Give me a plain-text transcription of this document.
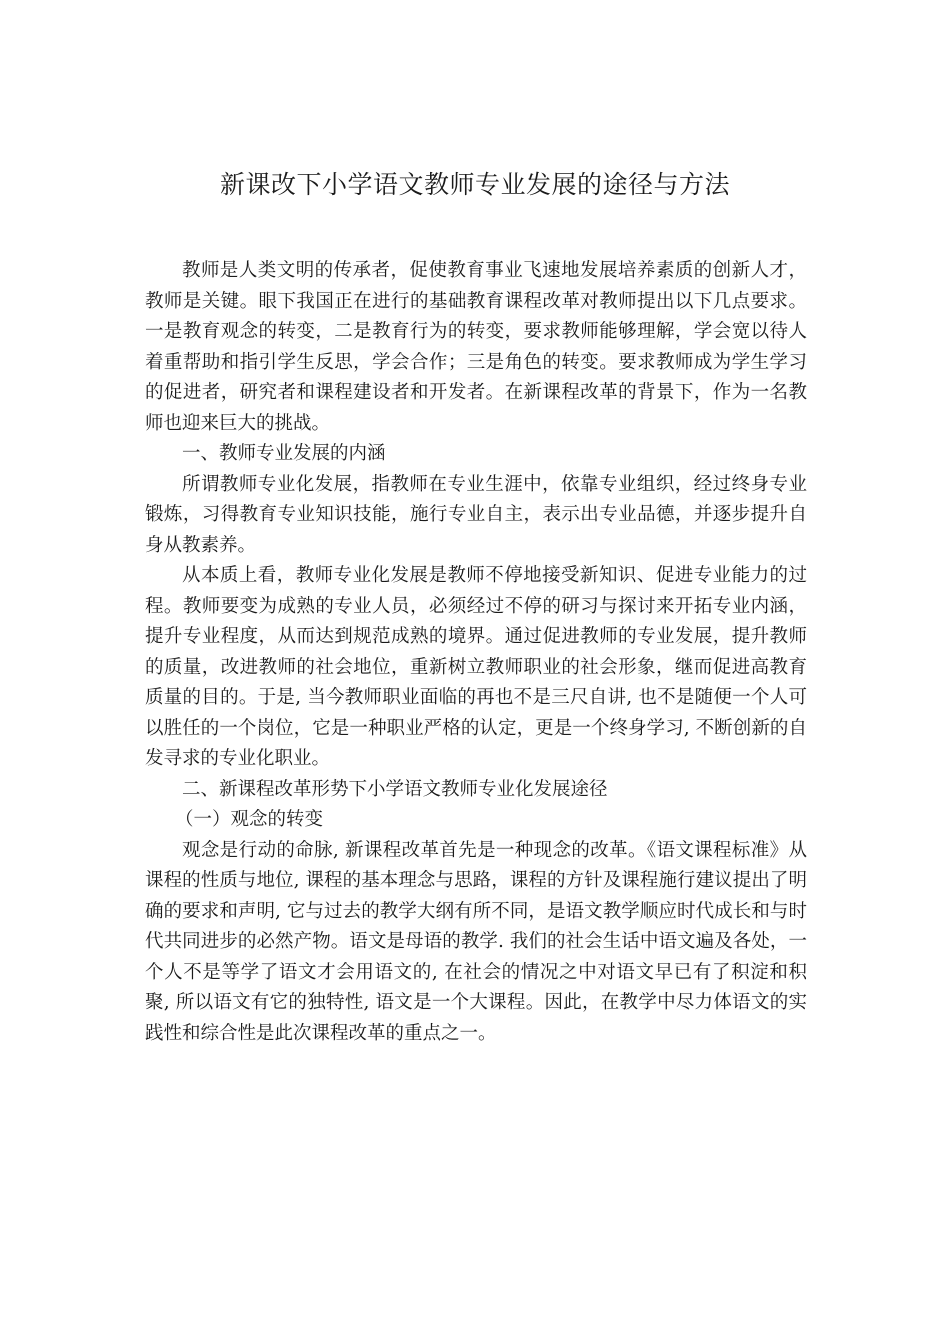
新课改下小学语文教师专业发展的途径与方法

教师是人类文明的传承者，促使教育事业飞速地发展培养素质的创新人才，教师是关键。眼下我国正在进行的基础教育课程改革对教师提出以下几点要求。一是教育观念的转变，二是教育行为的转变，要求教师能够理解，学会宽以待人着重帮助和指引学生反思，学会合作；三是角色的转变。要求教师成为学生学习的促进者，研究者和课程建设者和开发者。在新课程改革的背景下，作为一名教师也迎来巨大的挑战。

一、教师专业发展的内涵

所谓教师专业化发展，指教师在专业生涯中，依靠专业组织，经过终身专业锻炼，习得教育专业知识技能，施行专业自主，表示出专业品德，并逐步提升自身从教素养。

从本质上看，教师专业化发展是教师不停地接受新知识、促进专业能力的过程。教师要变为成熟的专业人员，必须经过不停的研习与探讨来开拓专业内涵，提升专业程度，从而达到规范成熟的境界。通过促进教师的专业发展，提升教师的质量，改进教师的社会地位，重新树立教师职业的社会形象，继而促进高教育质量的目的。于是, 当今教师职业面临的再也不是三尺自讲, 也不是随便一个人可以胜任的一个岗位，它是一种职业严格的认定，更是一个终身学习, 不断创新的自发寻求的专业化职业。

二、新课程改革形势下小学语文教师专业化发展途径

（一）观念的转变

观念是行动的命脉, 新课程改革首先是一种现念的改革。《语文课程标准》从课程的性质与地位, 课程的基本理念与思路，课程的方针及课程施行建议提出了明确的要求和声明, 它与过去的教学大纲有所不同，是语文教学顺应时代成长和与时代共同进步的必然产物。语文是母语的教学. 我们的社会生话中语文遍及各处，一个人不是等学了语文才会用语文的, 在社会的情况之中对语文早已有了积淀和积聚, 所以语文有它的独特性, 语文是一个大课程。因此，在教学中尽力体语文的实践性和综合性是此次课程改革的重点之一。
